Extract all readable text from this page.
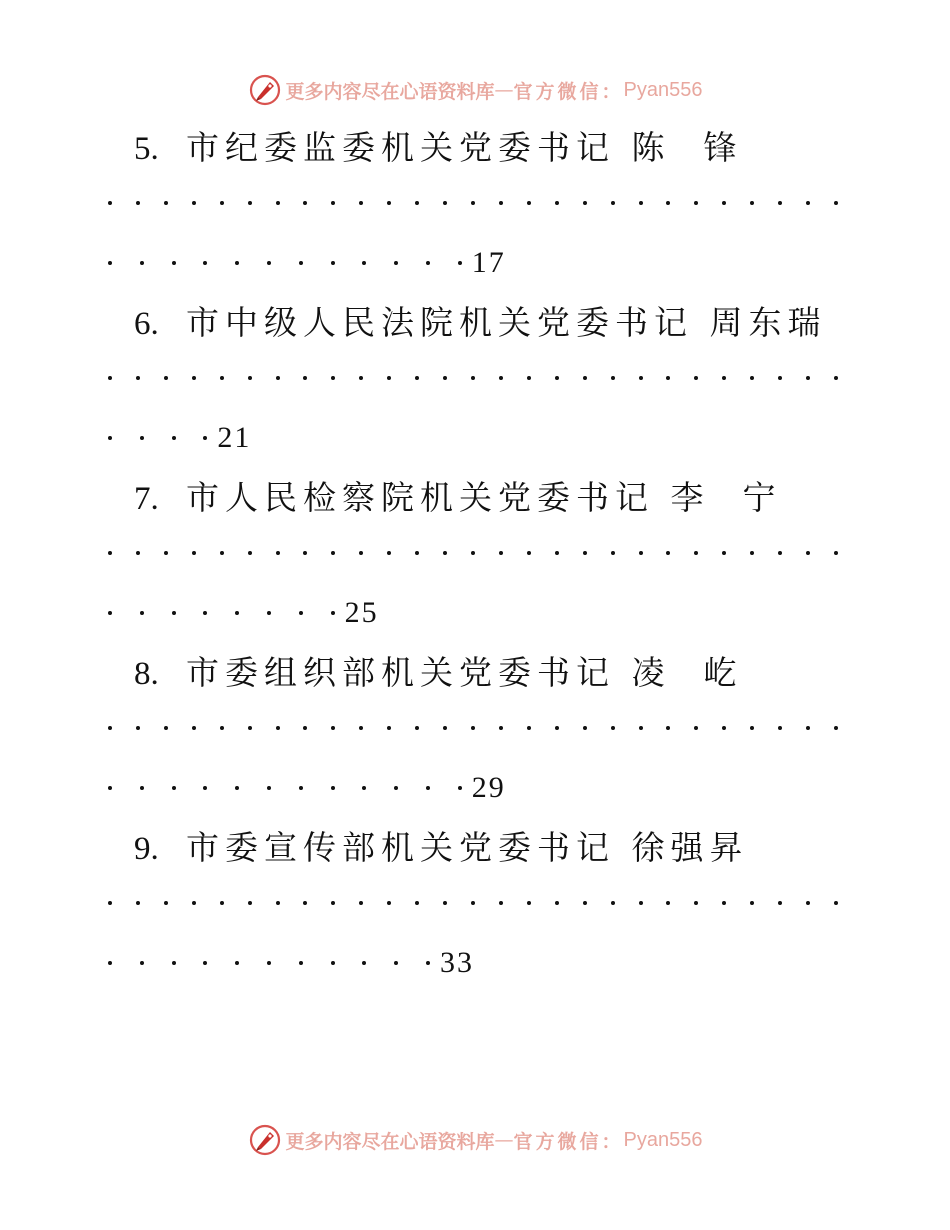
更多内容尽在心语资料库 — 官方微信： Pyan556
5. 市纪委监委机关党委书记 陈  锋
17
6. 市中级人民法院机关党委书记 周东瑞
21
7. 市人民检察院机关党委书记 李  宁
25
8. 市委组织部机关党委书记 凌  屹
29
9. 市委宣传部机关党委书记 徐强昇
33
更多内容尽在心语资料库 — 官方微信： Pyan556
